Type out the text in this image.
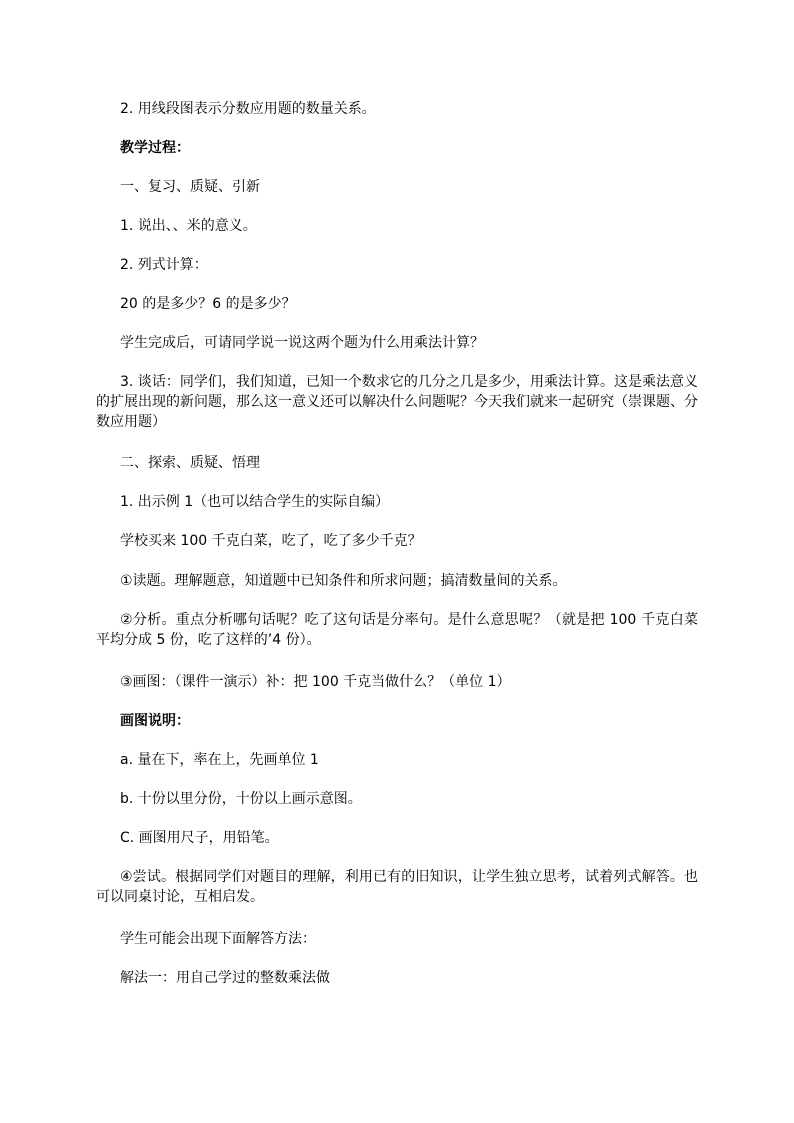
2. 用线段图表示分数应用题的数量关系。

教学过程：

一、复习、质疑、引新

1. 说出、、米的意义。

2. 列式计算：

20 的是多少？6 的是多少？

学生完成后，可请同学说一说这两个题为什么用乘法计算？

3. 谈话：同学们，我们知道，已知一个数求它的几分之几是多少，用乘法计算。这是乘法意义的扩展出现的新问题，那么这一意义还可以解决什么问题呢？今天我们就来一起研究（崇课题、分数应用题）

二、探索、质疑、悟理

1. 出示例 1（也可以结合学生的实际自编）

学校买来 100 千克白菜，吃了，吃了多少千克？

①读题。理解题意，知道题中已知条件和所求问题；搞清数量间的关系。

②分析。重点分析哪句话呢？吃了这句话是分率句。是什么意思呢？（就是把 100 千克白菜平均分成 5 份，吃了这样的’4 份）。

③画图：（课件一演示）补：把 100 千克当做什么？（单位 1）

画图说明：

a. 量在下，率在上，先画单位 1

b. 十份以里分份，十份以上画示意图。

C. 画图用尺子，用铅笔。

④尝试。根据同学们对题目的理解，利用已有的旧知识，让学生独立思考，试着列式解答。也可以同桌讨论，互相启发。

学生可能会出现下面解答方法：

解法一：用自己学过的整数乘法做
